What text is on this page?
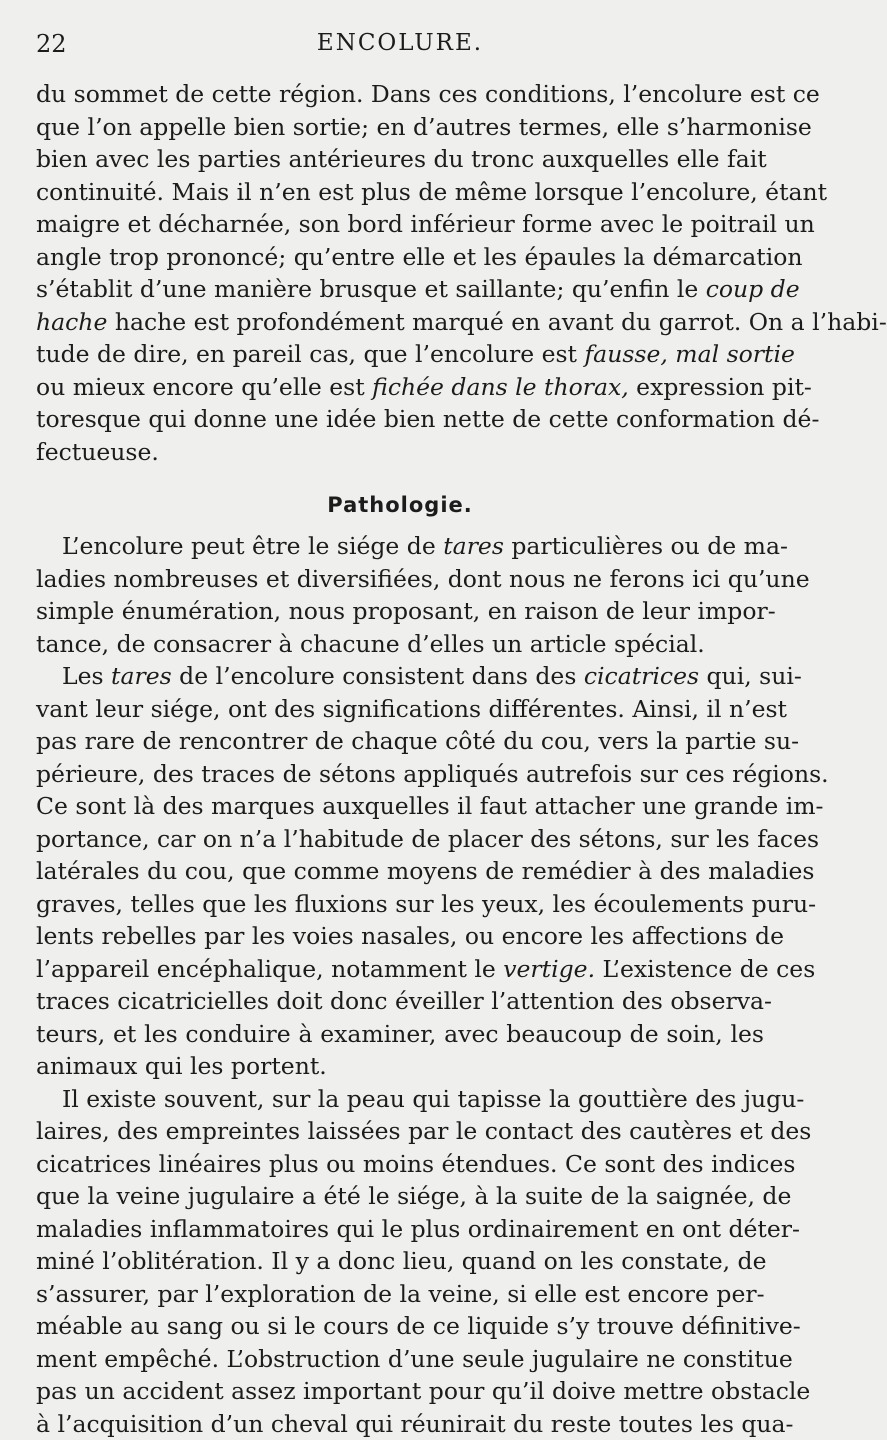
22	ENCOLURE.
du sommet de cette région. Dans ces conditions, l’encolure est ce
que l’on appelle bien sortie; en d’autres termes, elle s’harmonise
bien avec les parties antérieures du tronc auxquelles elle fait
continuité. Mais il n’en est plus de même lorsque l’encolure, étant
maigre et décharnée, son bord inférieur forme avec le poitrail un
angle trop prononcé; qu’entre elle et les épaules la démarcation
s’établit d’une manière brusque et saillante; qu’enfin le coup de
hache hache est profondément marqué en avant du garrot. On a l’habi-
tude de dire, en pareil cas, que l’encolure est fausse, mal sortie
ou mieux encore qu’elle est fichée dans le thorax, expression pit-
toresque qui donne une idée bien nette de cette conformation dé-
fectueuse.
Pathologie.
L’encolure peut être le siége de tares particulières ou de ma-
ladies nombreuses et diversifiées, dont nous ne ferons ici qu’une
simple énumération, nous proposant, en raison de leur impor-
tance, de consacrer à chacune d’elles un article spécial.
Les tares de l’encolure consistent dans des cicatrices qui, sui-
vant leur siége, ont des significations différentes. Ainsi, il n’est
pas rare de rencontrer de chaque côté du cou, vers la partie su-
périeure, des traces de sétons appliqués autrefois sur ces régions.
Ce sont là des marques auxquelles il faut attacher une grande im-
portance, car on n’a l’habitude de placer des sétons, sur les faces
latérales du cou, que comme moyens de remédier à des maladies
graves, telles que les fluxions sur les yeux, les écoulements puru-
lents rebelles par les voies nasales, ou encore les affections de
l’appareil encéphalique, notamment le vertige. L’existence de ces
traces cicatricielles doit donc éveiller l’attention des observa-
teurs, et les conduire à examiner, avec beaucoup de soin, les
animaux qui les portent.
Il existe souvent, sur la peau qui tapisse la gouttière des jugu-
laires, des empreintes laissées par le contact des cautères et des
cicatrices linéaires plus ou moins étendues. Ce sont des indices
que la veine jugulaire a été le siége, à la suite de la saignée, de
maladies inflammatoires qui le plus ordinairement en ont déter-
miné l’oblitération. Il y a donc lieu, quand on les constate, de
s’assurer, par l’exploration de la veine, si elle est encore per-
méable au sang ou si le cours de ce liquide s’y trouve définitive-
ment empêché. L’obstruction d’une seule jugulaire ne constitue
pas un accident assez important pour qu’il doive mettre obstacle
à l’acquisition d’un cheval qui réunirait du reste toutes les qua-
